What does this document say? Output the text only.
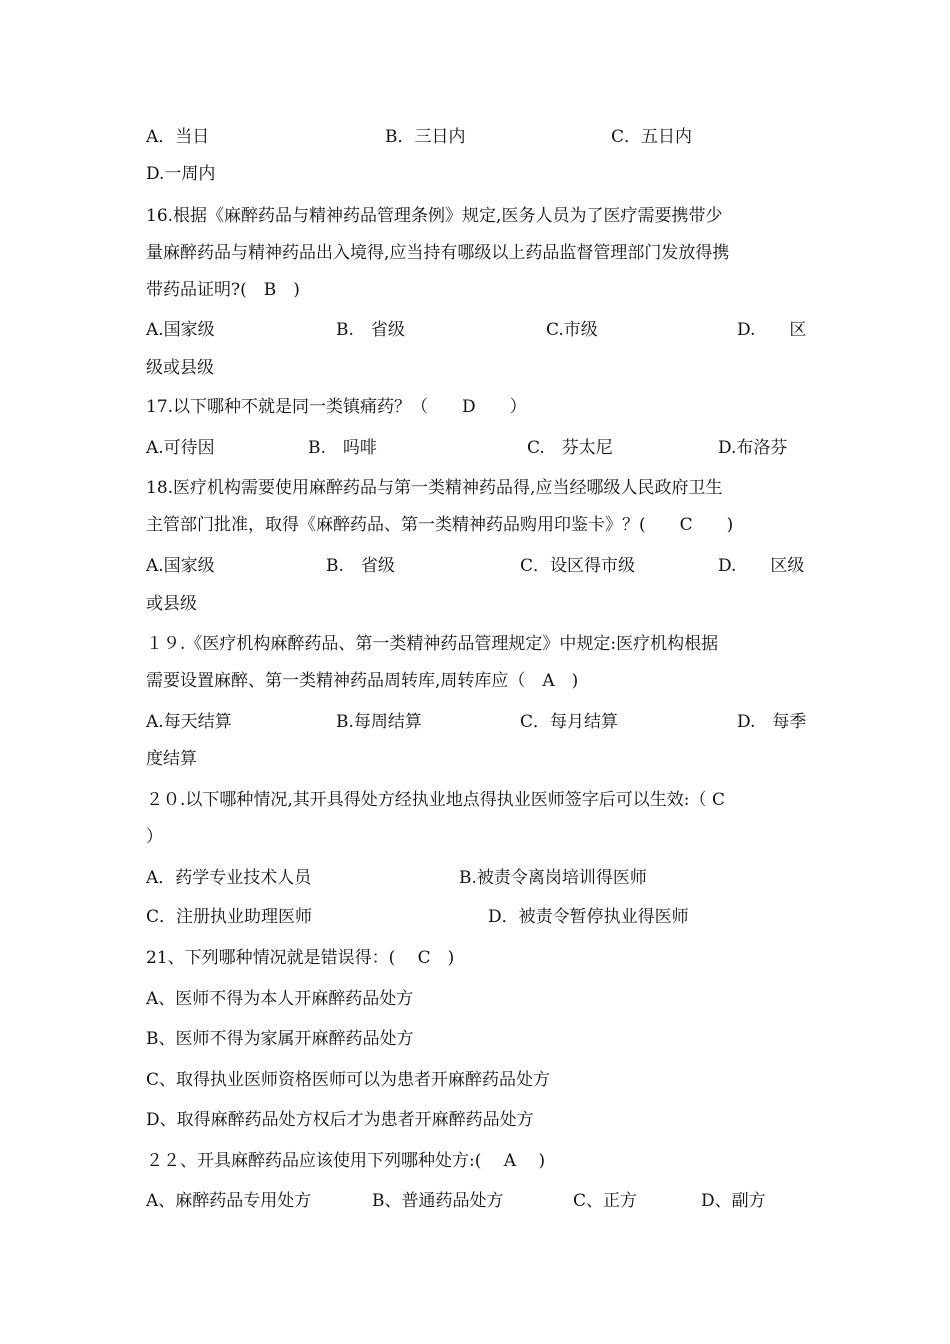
A．当日	B．三日内	C．五日内
D.一周内
16.根据《麻醉药品与精神药品管理条例》规定,医务人员为了医疗需要携带少
量麻醉药品与精神药品出入境得,应当持有哪级以上药品监督管理部门发放得携
带药品证明?(　B　)
A.国家级	B.　省级	C.市级	D.　　区
级或县级
17.以下哪种不就是同一类镇痛药？（　　D　　）
A.可待因	B.　吗啡	C.　芬太尼	D.布洛芬
18.医疗机构需要使用麻醉药品与第一类精神药品得,应当经哪级人民政府卫生
主管部门批准，取得《麻醉药品、第一类精神药品购用印鉴卡》？(　　C　　)
A.国家级	B.　省级	C．设区得市级	D.　　区级
或县级
１９.《医疗机构麻醉药品、第一类精神药品管理规定》中规定:医疗机构根据
需要设置麻醉、第一类精神药品周转库,周转库应（　A　)
A.每天结算	B.每周结算	C．每月结算	D.　每季
度结算
２０.以下哪种情况,其开具得处方经执业地点得执业医师签字后可以生效:（ C
）
A．药学专业技术人员	B.被责令离岗培训得医师
C．注册执业助理医师	D．被责令暂停执业得医师
21、下列哪种情况就是错误得：(　 C　)
A、医师不得为本人开麻醉药品处方
B、医师不得为家属开麻醉药品处方
C、取得执业医师资格医师可以为患者开麻醉药品处方
D、取得麻醉药品处方权后才为患者开麻醉药品处方
２２、开具麻醉药品应该使用下列哪种处方:(　 A　 )
A、麻醉药品专用处方	B、普通药品处方	C、正方	D、副方
